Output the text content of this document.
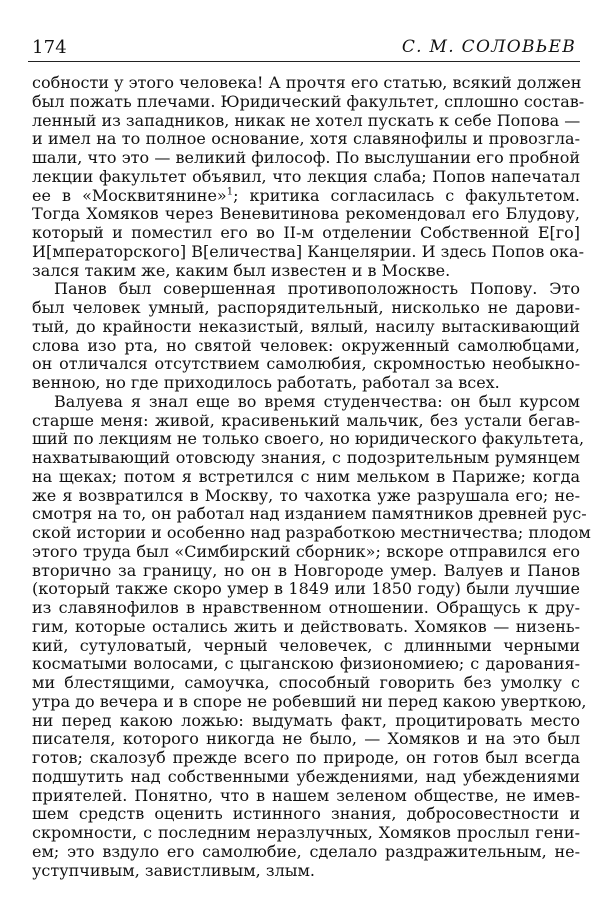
174	С. М. СОЛОВЬЕВ
собности у этого человека! А прочтя его статью, всякий должен
был пожать плечами. Юридический факультет, сплошно состав-
ленный из западников, никак не хотел пускать к себе Попова —
и имел на то полное основание, хотя славянофилы и провозгла-
шали, что это — великий философ. По выслушании его пробной
лекции факультет объявил, что лекция слаба; Попов напечатал
ее в «Москвитянине»$^1$; критика согласилась с факультетом.
Тогда Хомяков через Веневитинова рекомендовал его Блудову,
который и поместил его во II-м отделении Собственной Е[го]
И[мператорского] В[еличества] Канцелярии. И здесь Попов ока-
зался таким же, каким был известен и в Москве.
Панов был совершенная противоположность Попову. Это
был человек умный, распорядительный, нисколько не дарови-
тый, до крайности неказистый, вялый, насилу вытаскивающий
слова изо рта, но святой человек: окруженный самолюбцами,
он отличался отсутствием самолюбия, скромностью необыкно-
венною, но где приходилось работать, работал за всех.
Валуева я знал еще во время студенчества: он был курсом
старше меня: живой, красивенький мальчик, без устали бегав-
ший по лекциям не только своего, но юридического факультета,
нахватывающий отовсюду знания, с подозрительным румянцем
на щеках; потом я встретился с ним мельком в Париже; когда
же я возвратился в Москву, то чахотка уже разрушала его; не-
смотря на то, он работал над изданием памятников древней рус-
ской истории и особенно над разработкою местничества; плодом
этого труда был «Симбирский сборник»; вскоре отправился его
вторично за границу, но он в Новгороде умер. Валуев и Панов
(который также скоро умер в 1849 или 1850 году) были лучшие
из славянофилов в нравственном отношении. Обращусь к дру-
гим, которые остались жить и действовать. Хомяков — низень-
кий, сутуловатый, черный человечек, с длинными черными
косматыми волосами, с цыганскою физиономиею; с дарования-
ми блестящими, самоучка, способный говорить без умолку с
утра до вечера и в споре не робевший ни перед какою уверткою,
ни перед какою ложью: выдумать факт, процитировать место
писателя, которого никогда не было, — Хомяков и на это был
готов; скалозуб прежде всего по природе, он готов был всегда
подшутить над собственными убеждениями, над убеждениями
приятелей. Понятно, что в нашем зеленом обществе, не имев-
шем средств оценить истинного знания, добросовестности и
скромности, с последним неразлучных, Хомяков прослыл гени-
ем; это вздуло его самолюбие, сделало раздражительным, не-
уступчивым, завистливым, злым.
